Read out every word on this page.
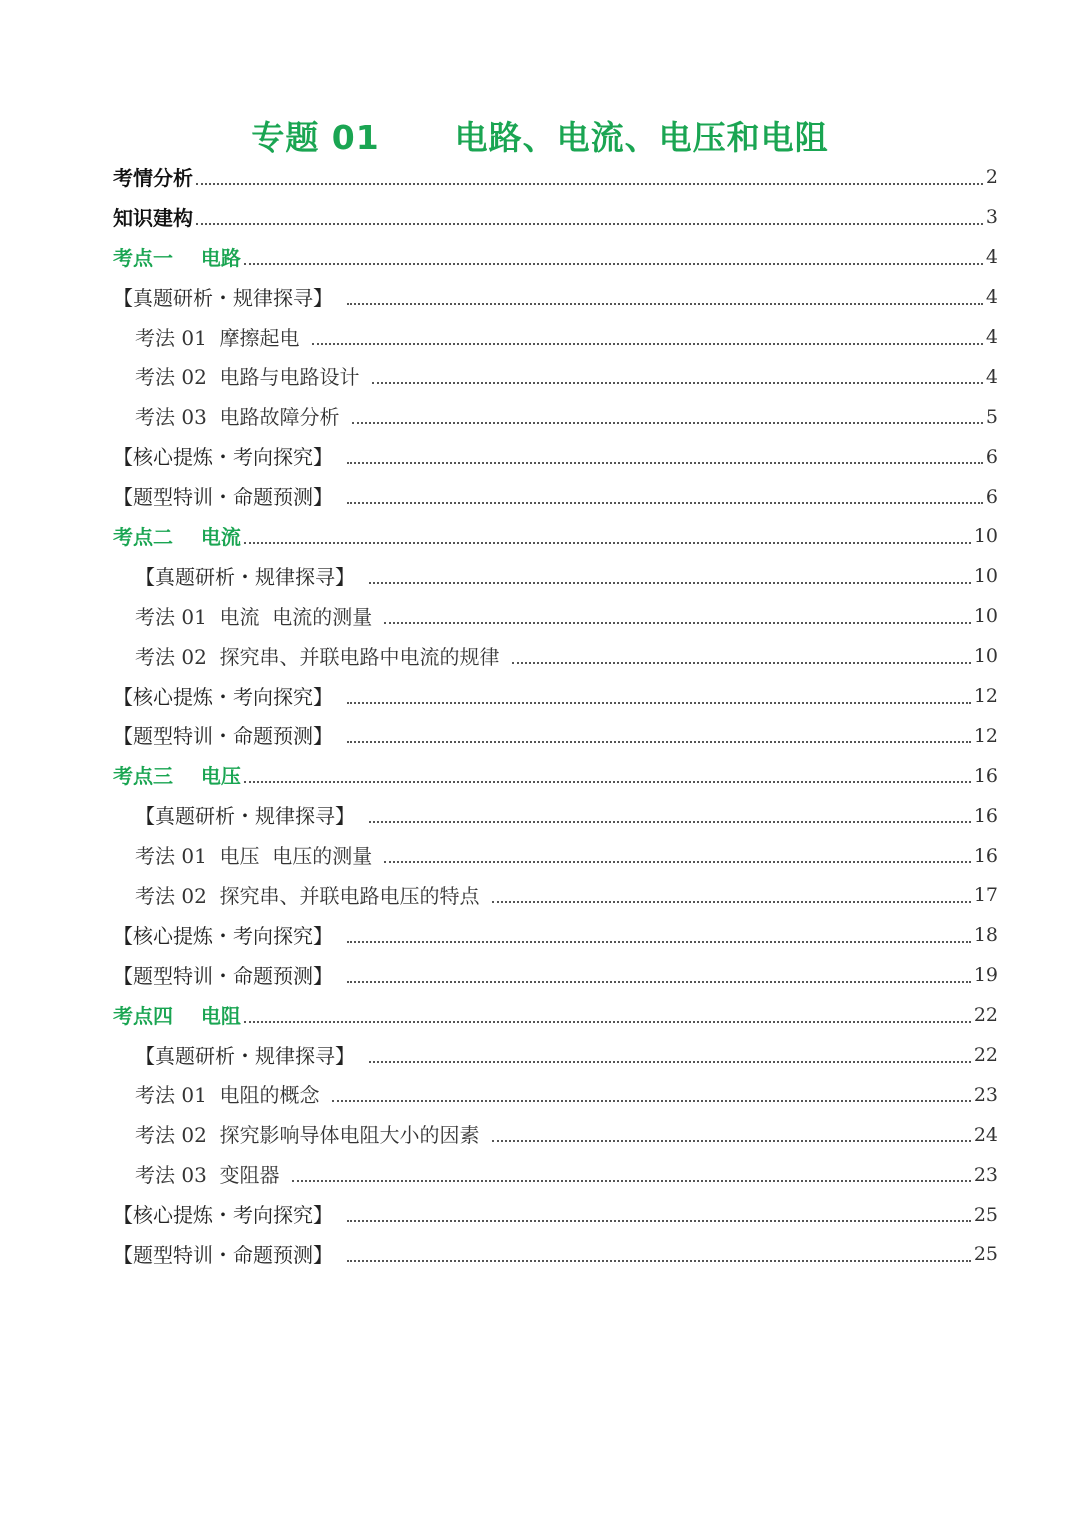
专题 01      电路、电流、电压和电阻
考情分析	2
知识建构	3
考点一    电路	4
【真题研析・规律探寻】	4
考法 01  摩擦起电	4
考法 02  电路与电路设计	4
考法 03  电路故障分析	5
【核心提炼・考向探究】	6
【题型特训・命题预测】	6
考点二    电流	10
【真题研析・规律探寻】	10
考法 01  电流  电流的测量	10
考法 02  探究串、并联电路中电流的规律	10
【核心提炼・考向探究】	12
【题型特训・命题预测】	12
考点三    电压	16
【真题研析・规律探寻】	16
考法 01  电压  电压的测量	16
考法 02  探究串、并联电路电压的特点	17
【核心提炼・考向探究】	18
【题型特训・命题预测】	19
考点四    电阻	22
【真题研析・规律探寻】	22
考法 01  电阻的概念	23
考法 02  探究影响导体电阻大小的因素	24
考法 03  变阻器	23
【核心提炼・考向探究】	25
【题型特训・命题预测】	25
